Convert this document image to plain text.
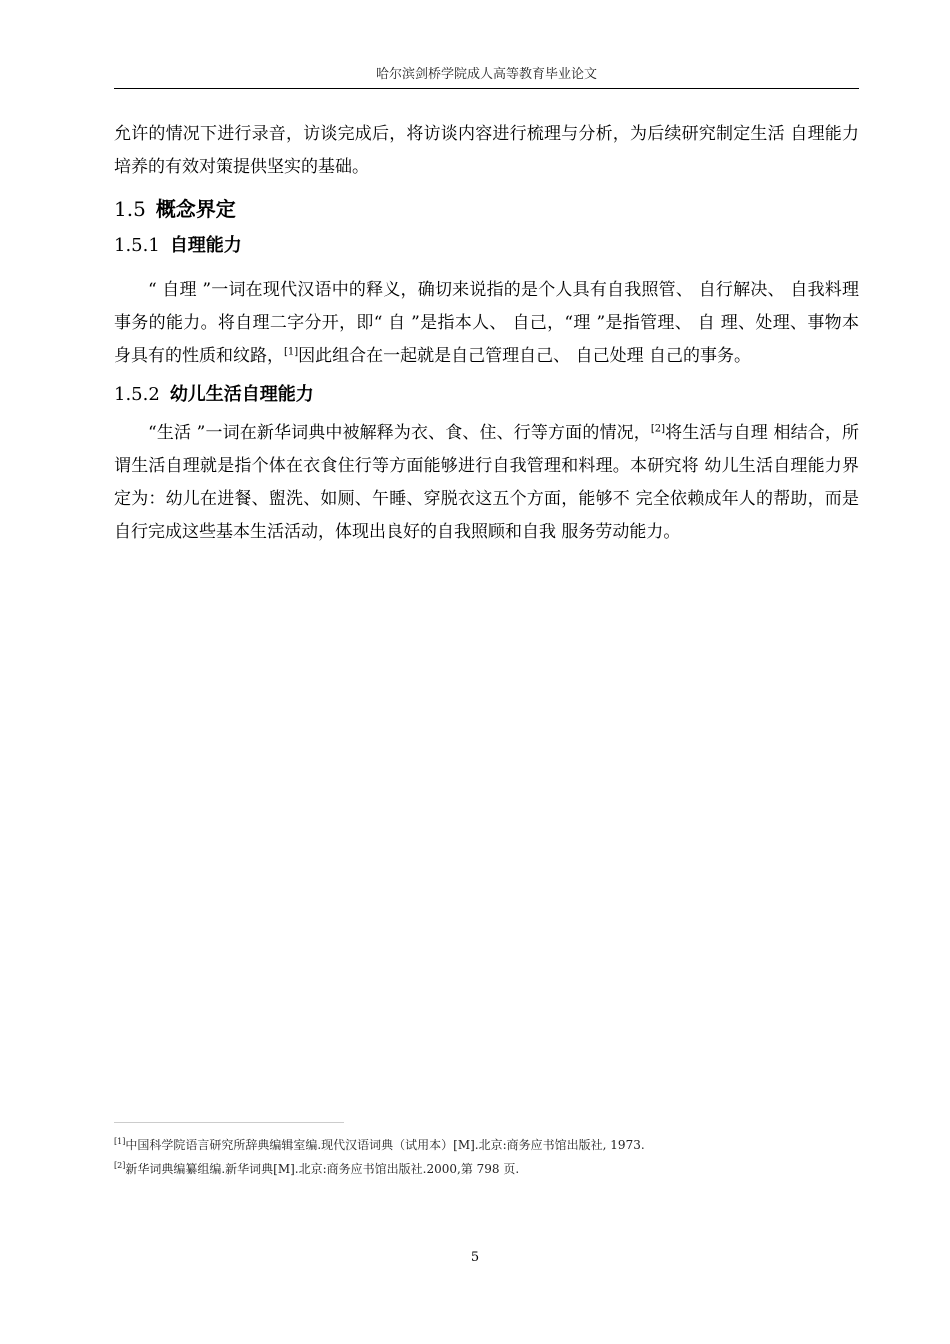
哈尔滨剑桥学院成人高等教育毕业论文

允许的情况下进行录音，访谈完成后，将访谈内容进行梳理与分析，为后续研究制定生活 自理能力培养的有效对策提供坚实的基础。

1.5 概念界定
1.5.1 自理能力

“ 自理 ”一词在现代汉语中的释义，确切来说指的是个人具有自我照管、 自行解决、 自我料理事务的能力。将自理二字分开，即“ 自 ”是指本人、 自己，“理 ”是指管理、 自 理、处理、事物本身具有的性质和纹路，[1]因此组合在一起就是自己管理自己、 自己处理 自己的事务。

1.5.2 幼儿生活自理能力

“生活 ”一词在新华词典中被解释为衣、食、住、行等方面的情况，[2]将生活与自理 相结合，所谓生活自理就是指个体在衣食住行等方面能够进行自我管理和料理。本研究将 幼儿生活自理能力界定为：幼儿在进餐、盥洗、如厕、午睡、穿脱衣这五个方面，能够不 完全依赖成年人的帮助，而是自行完成这些基本生活活动，体现出良好的自我照顾和自我 服务劳动能力。

[1]中国科学院语言研究所辞典编辑室编.现代汉语词典（试用本）[M].北京:商务应书馆出版社, 1973.
[2]新华词典编纂组编.新华词典[M].北京:商务应书馆出版社.2000,第 798 页.
5
